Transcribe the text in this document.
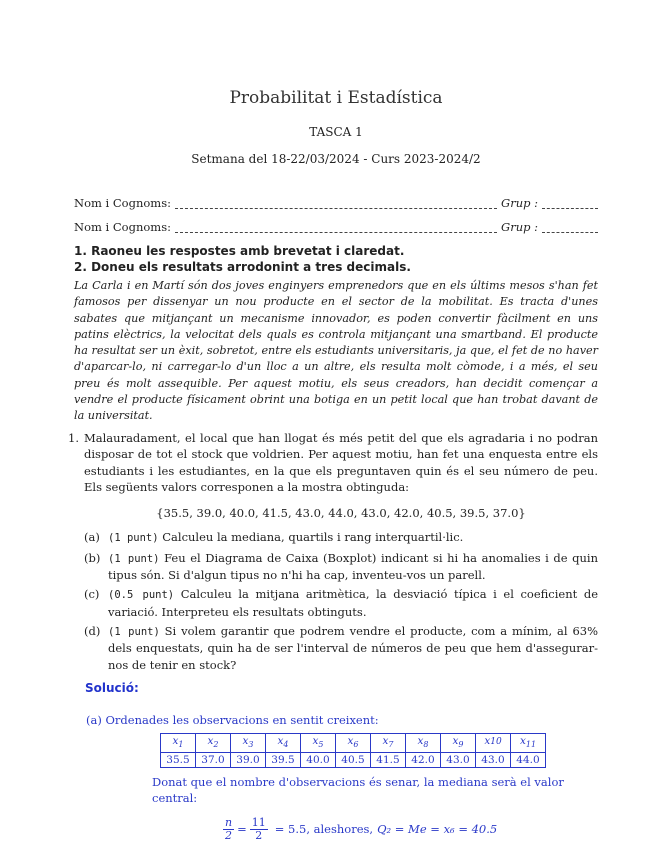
Probabilitat i Estadística
TASCA 1
Setmana del 18-22/03/2024 - Curs 2023-2024/2
Nom i Cognoms:	Grup :
Nom i Cognoms:	Grup :
1. Raoneu les respostes amb brevetat i claredat.
2. Doneu els resultats arrodonint a tres decimals.
La Carla i en Martí són dos joves enginyers emprenedors que en els últims mesos s'han fet famosos per dissenyar un nou producte en el sector de la mobilitat. Es tracta d'unes sabates que mitjançant un mecanisme innovador, es poden convertir fàcilment en uns patins elèctrics, la velocitat dels quals es controla mitjançant una smartband. El producte ha resultat ser un èxit, sobretot, entre els estudiants universitaris, ja que, el fet de no haver d'aparcar-lo, ni carregar-lo d'un lloc a un altre, els resulta molt còmode, i a més, el seu preu és molt assequible. Per aquest motiu, els seus creadors, han decidit començar a vendre el producte físicament obrint una botiga en un petit local que han trobat davant de la universitat.
1. Malauradament, el local que han llogat és més petit del que els agradaria i no podran disposar de tot el stock que voldrien. Per aquest motiu, han fet una enquesta entre els estudiants i les estudiantes, en la que els preguntaven quin és el seu número de peu. Els següents valors corresponen a la mostra obtinguda:
{35.5, 39.0, 40.0, 41.5, 43.0, 44.0, 43.0, 42.0, 40.5, 39.5, 37.0}
(a) (1 punt) Calculeu la mediana, quartils i rang interquartil·lic.
(b) (1 punt) Feu el Diagrama de Caixa (Boxplot) indicant si hi ha anomalies i de quin tipus són. Si d'algun tipus no n'hi ha cap, inventeu-vos un parell.
(c) (0.5 punt) Calculeu la mitjana aritmètica, la desviació típica i el coeficient de variació. Interpreteu els resultats obtinguts.
(d) (1 punt) Si volem garantir que podrem vendre el producte, com a mínim, al 63% dels enquestats, quin ha de ser l'interval de números de peu que hem d'assegurar-nos de tenir en stock?
Solució:
(a) Ordenades les observacions en sentit creixent:
$x_1$	$x_2$	$x_3$	$x_4$	$x_5$	$x_6$	$x_7$	$x_8$	$x_9$	x10	$x_{11}$
35.5	37.0	39.0	39.5	40.0	40.5	41.5	42.0	43.0	43.0	44.0
Donat que el nombre d'observacions és senar, la mediana serà el valor central:
$\frac{n}{2} = \frac{11}{2} = 5.5$, aleshores, Q₂ = Me = x₆ = 40.5
